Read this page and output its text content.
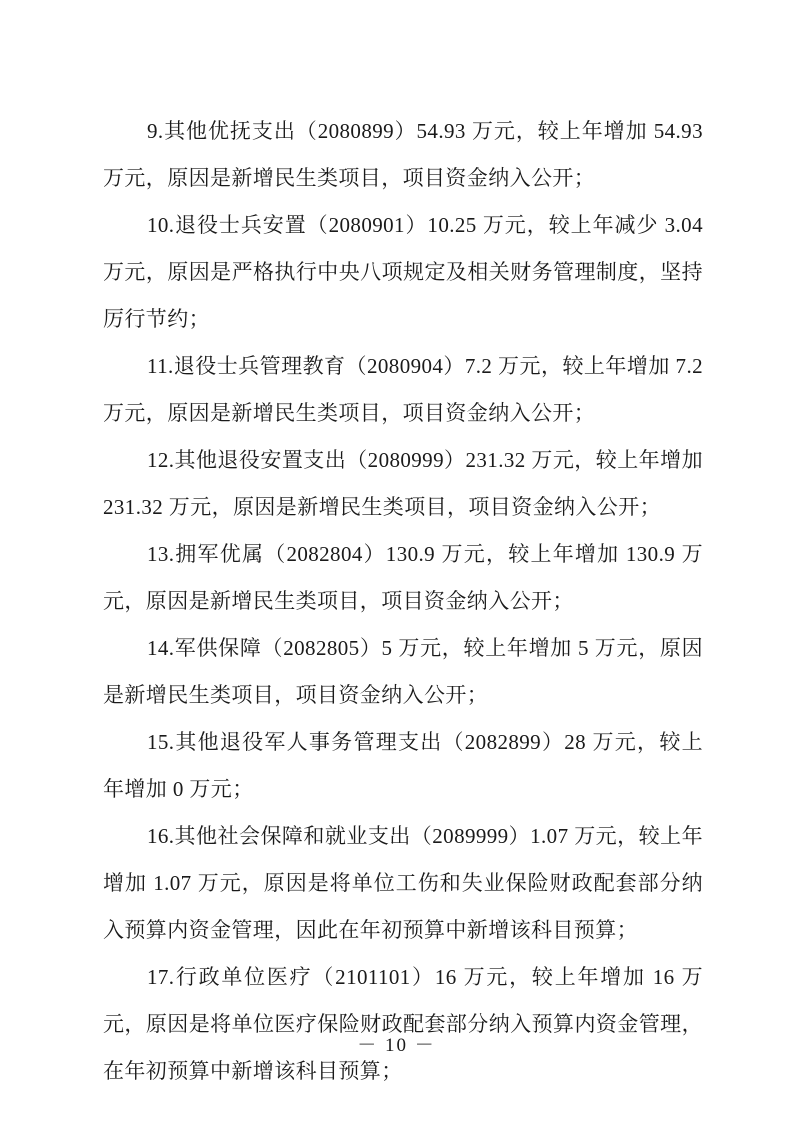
9.其他优抚支出（2080899）54.93 万元，较上年增加 54.93 万元，原因是新增民生类项目，项目资金纳入公开；

10.退役士兵安置（2080901）10.25 万元，较上年减少 3.04 万元，原因是严格执行中央八项规定及相关财务管理制度，坚持厉行节约；

11.退役士兵管理教育（2080904）7.2 万元，较上年增加 7.2 万元，原因是新增民生类项目，项目资金纳入公开；

12.其他退役安置支出（2080999）231.32 万元，较上年增加 231.32 万元，原因是新增民生类项目，项目资金纳入公开；

13.拥军优属（2082804）130.9 万元，较上年增加 130.9 万元，原因是新增民生类项目，项目资金纳入公开；

14.军供保障（2082805）5 万元，较上年增加 5 万元，原因是新增民生类项目，项目资金纳入公开；

15.其他退役军人事务管理支出（2082899）28 万元，较上年增加 0 万元；

16.其他社会保障和就业支出（2089999）1.07 万元，较上年增加 1.07 万元，原因是将单位工伤和失业保险财政配套部分纳入预算内资金管理，因此在年初预算中新增该科目预算；

17.行政单位医疗（2101101）16 万元，较上年增加 16 万元，原因是将单位医疗保险财政配套部分纳入预算内资金管理，在年初预算中新增该科目预算；

－ 10 －
